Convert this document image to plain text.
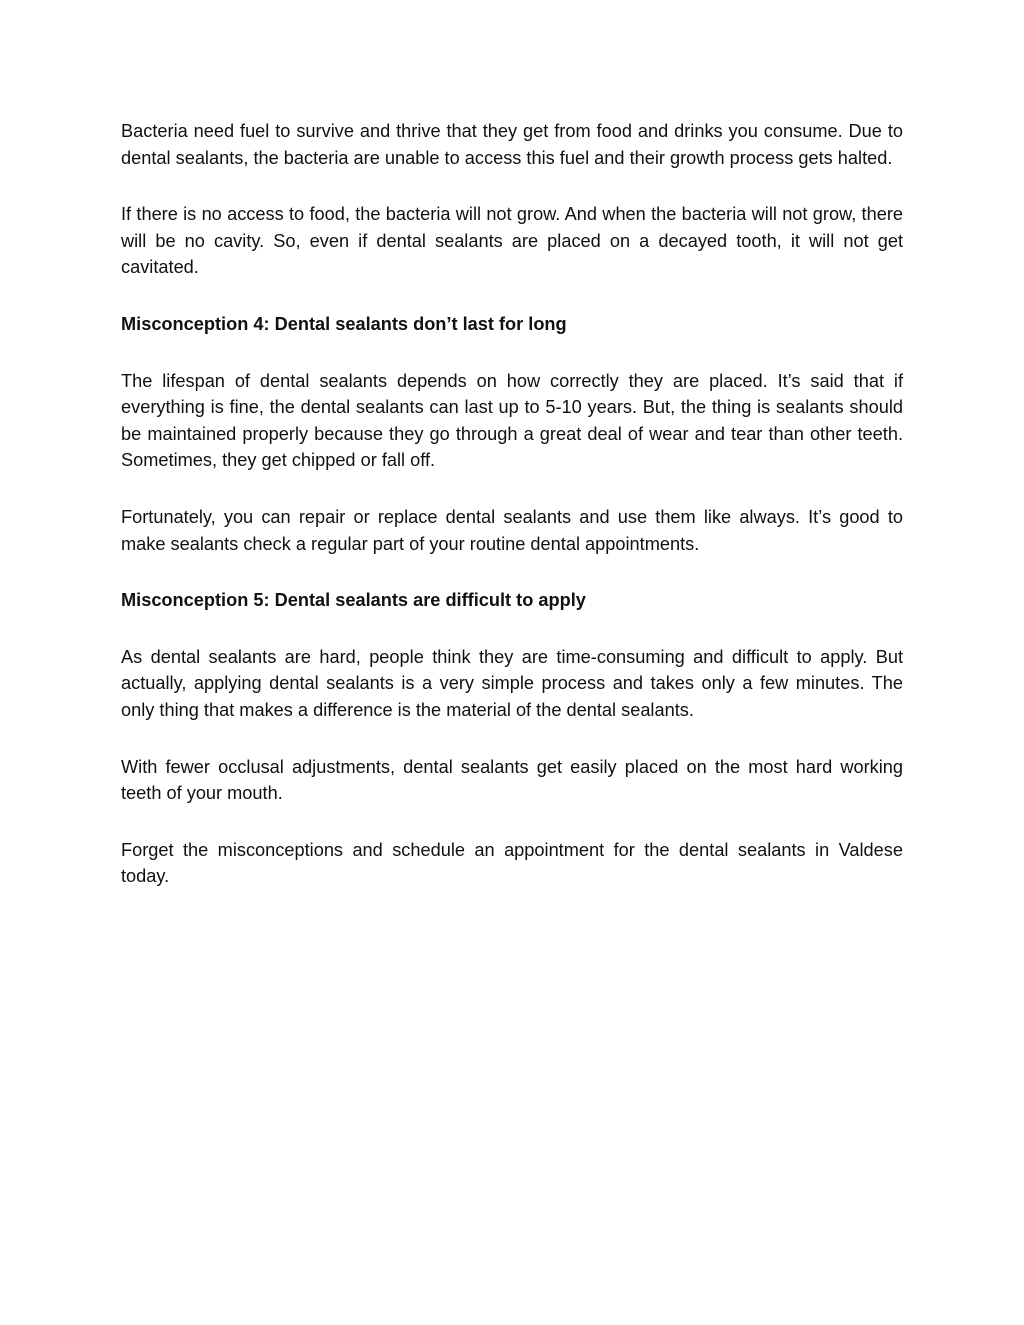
Bacteria need fuel to survive and thrive that they get from food and drinks you consume. Due to dental sealants, the bacteria are unable to access this fuel and their growth process gets halted.

If there is no access to food, the bacteria will not grow. And when the bacteria will not grow, there will be no cavity. So, even if dental sealants are placed on a decayed tooth, it will not get cavitated.

Misconception 4: Dental sealants don’t last for long

The lifespan of dental sealants depends on how correctly they are placed. It’s said that if everything is fine, the dental sealants can last up to 5-10 years. But, the thing is sealants should be maintained properly because they go through a great deal of wear and tear than other teeth. Sometimes, they get chipped or fall off.

Fortunately, you can repair or replace dental sealants and use them like always. It’s good to make sealants check a regular part of your routine dental appointments.

Misconception 5: Dental sealants are difficult to apply

As dental sealants are hard, people think they are time-consuming and difficult to apply. But actually, applying dental sealants is a very simple process and takes only a few minutes. The only thing that makes a difference is the material of the dental sealants.

With fewer occlusal adjustments, dental sealants get easily placed on the most hard working teeth of your mouth.

Forget the misconceptions and schedule an appointment for the dental sealants in Valdese today.
